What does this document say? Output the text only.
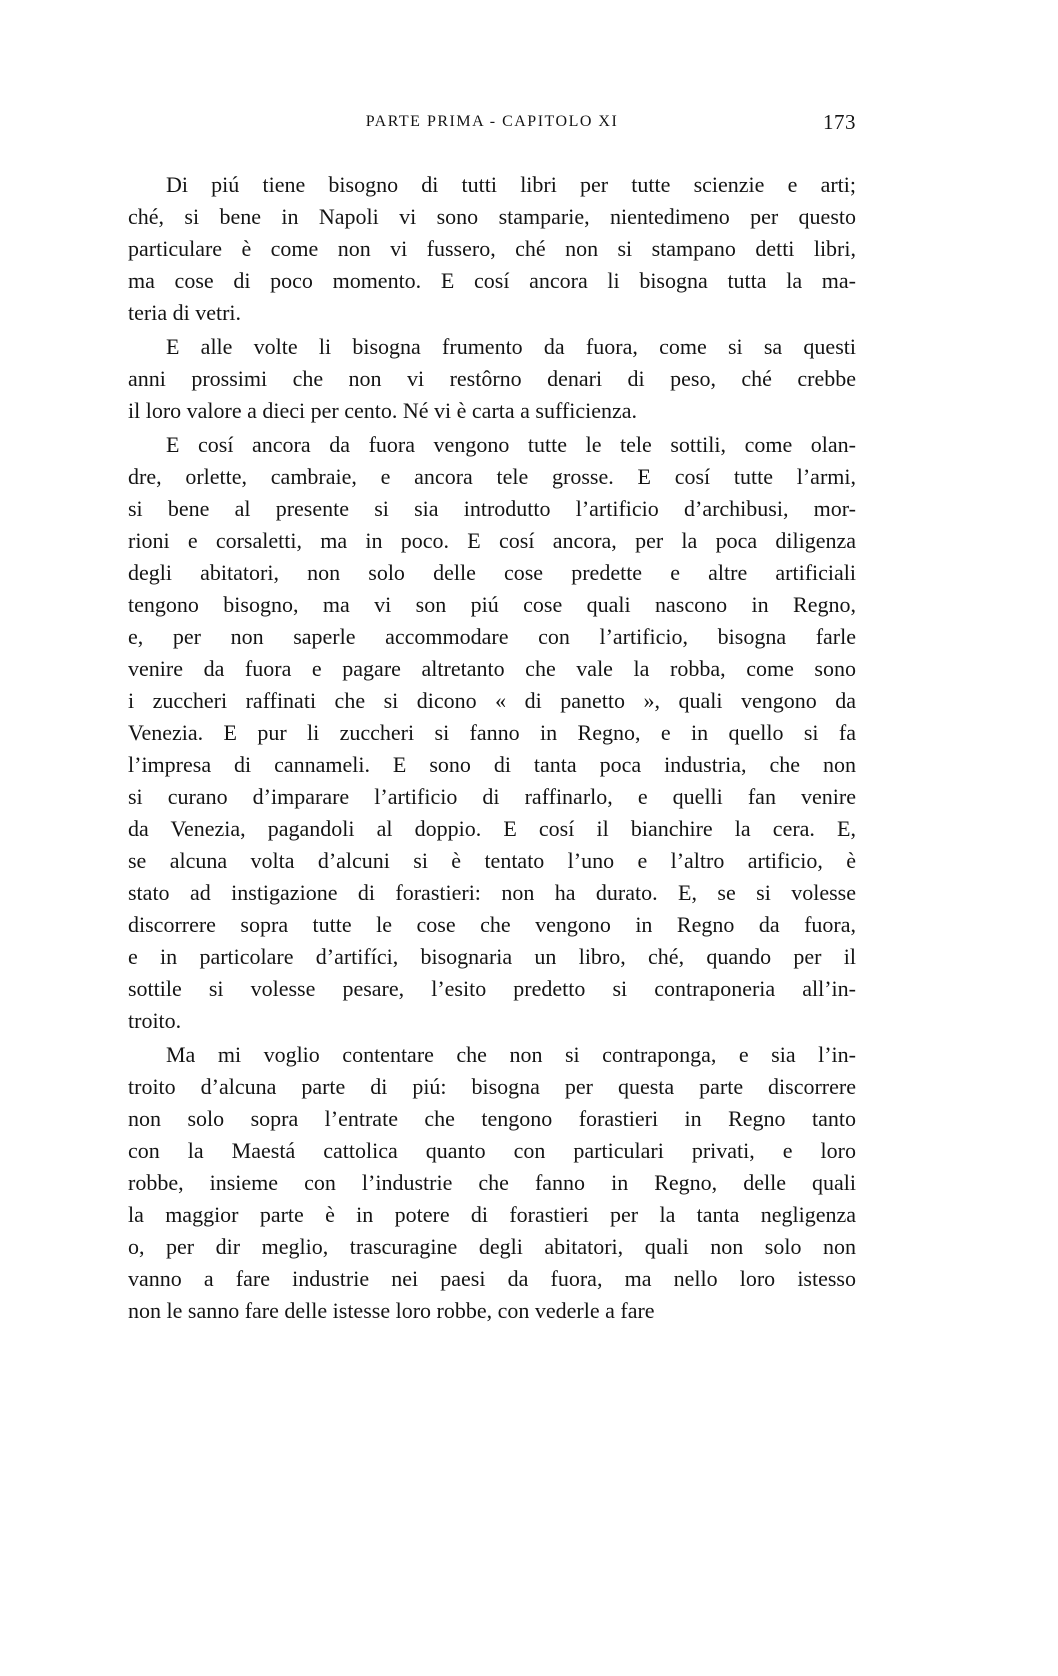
PARTE PRIMA - CAPITOLO XI	173
Di piú tiene bisogno di tutti libri per tutte scienzie e arti;
ché, si bene in Napoli vi sono stamparie, nientedimeno per questo
particulare è come non vi fussero, ché non si stampano detti libri,
ma cose di poco momento. E cosí ancora li bisogna tutta la ma-
teria di vetri.
E alle volte li bisogna frumento da fuora, come si sa questi
anni prossimi che non vi restôrno denari di peso, ché crebbe
il loro valore a dieci per cento. Né vi è carta a sufficienza.
E cosí ancora da fuora vengono tutte le tele sottili, come olan-
dre, orlette, cambraie, e ancora tele grosse. E cosí tutte l’armi,
si bene al presente si sia introdutto l’artificio d’archibusi, mor-
rioni e corsaletti, ma in poco. E cosí ancora, per la poca diligenza
degli abitatori, non solo delle cose predette e altre artificiali
tengono bisogno, ma vi son piú cose quali nascono in Regno,
e, per non saperle accommodare con l’artificio, bisogna farle
venire da fuora e pagare altretanto che vale la robba, come sono
i zuccheri raffinati che si dicono « di panetto », quali vengono da
Venezia. E pur li zuccheri si fanno in Regno, e in quello si fa
l’impresa di cannameli. E sono di tanta poca industria, che non
si curano d’imparare l’artificio di raffinarlo, e quelli fan venire
da Venezia, pagandoli al doppio. E cosí il bianchire la cera. E,
se alcuna volta d’alcuni si è tentato l’uno e l’altro artificio, è
stato ad instigazione di forastieri: non ha durato. E, se si volesse
discorrere sopra tutte le cose che vengono in Regno da fuora,
e in particolare d’artifíci, bisognaria un libro, ché, quando per il
sottile si volesse pesare, l’esito predetto si contraponeria all’in-
troito.
Ma mi voglio contentare che non si contraponga, e sia l’in-
troito d’alcuna parte di piú: bisogna per questa parte discorrere
non solo sopra l’entrate che tengono forastieri in Regno tanto
con la Maestá cattolica quanto con particulari privati, e loro
robbe, insieme con l’industrie che fanno in Regno, delle quali
la maggior parte è in potere di forastieri per la tanta negligenza
o, per dir meglio, trascuragine degli abitatori, quali non solo non
vanno a fare industrie nei paesi da fuora, ma nello loro istesso
non le sanno fare delle istesse loro robbe, con vederle a fare
